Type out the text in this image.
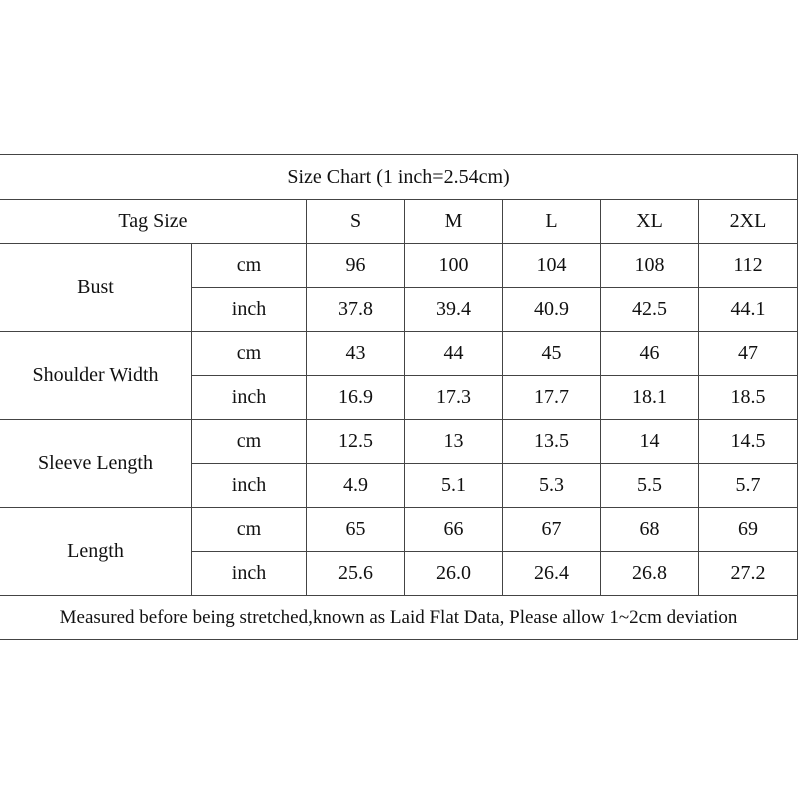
Size Chart (1 inch=2.54cm)						
Tag Size		S	M	L	XL	2XL
Bust	cm	96	100	104	108	112
	inch	37.8	39.4	40.9	42.5	44.1
Shoulder Width	cm	43	44	45	46	47
	inch	16.9	17.3	17.7	18.1	18.5
Sleeve Length	cm	12.5	13	13.5	14	14.5
	inch	4.9	5.1	5.3	5.5	5.7
Length	cm	65	66	67	68	69
	inch	25.6	26.0	26.4	26.8	27.2
Measured before being stretched,known as Laid Flat Data, Please allow 1~2cm deviation						
